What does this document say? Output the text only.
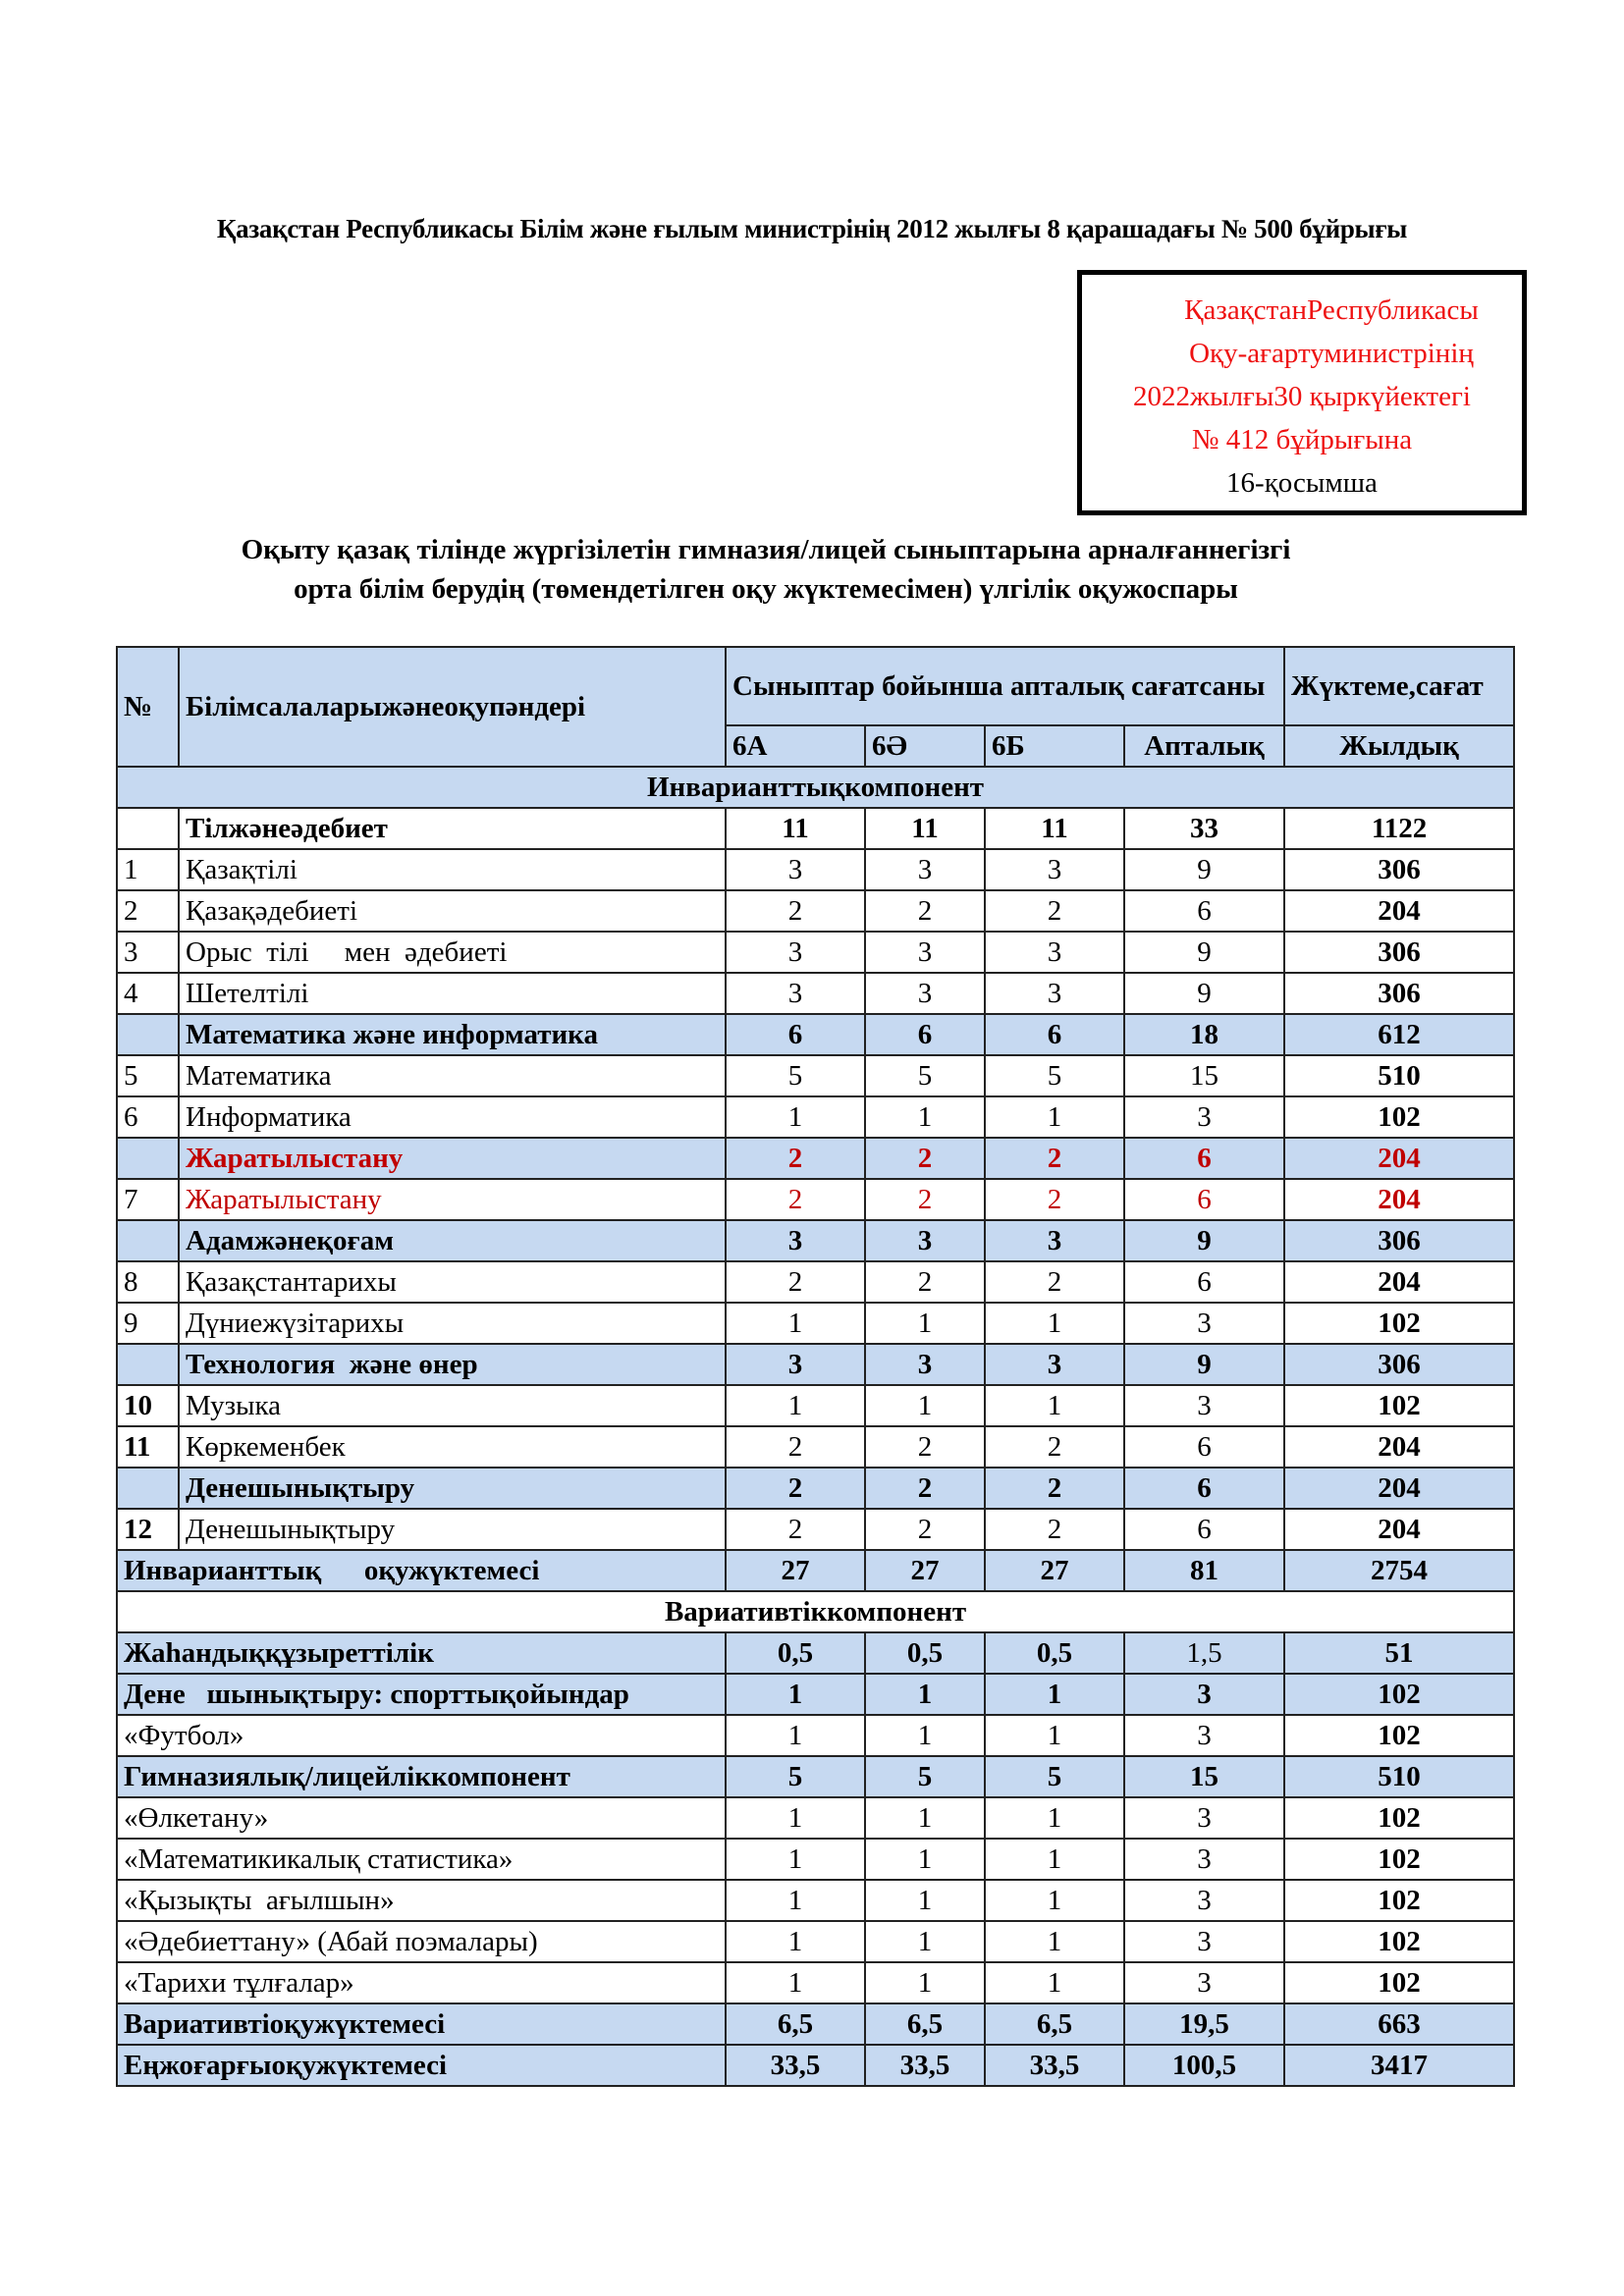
Қазақстан Республикасы Білім және ғылым министрінің 2012 жылғы 8 қарашадағы № 500 бұйрығы
ҚазақстанРеспубликасы
Оқу-ағартуминистрінің
2022жылғы30 қыркүйектегі
№ 412 бұйрығына
16-қосымша
Оқыту қазақ тілінде жүргізілетін гимназия/лицей сыныптарына арналғаннегізгі
орта білім берудің (төмендетілген оқу жүктемесімен) үлгілік оқужоспары
№	Білімсалаларыжәнеоқупәндері	Сыныптар бойынша апталық сағатсаны				Жүктеме,сағат
		6А	6Ә	6Б	Апталық	Жылдық
Инварианттықкомпонент						
	Тілжәнеәдебиет	11	11	11	33	1122
1	Қазақтілі	3	3	3	9	306
2	Қазақәдебиеті	2	2	2	6	204
3	Орыс  тілі     мен  әдебиеті	3	3	3	9	306
4	Шетелтілі	3	3	3	9	306
	Математика және информатика	6	6	6	18	612
5	Математика	5	5	5	15	510
6	Информатика	1	1	1	3	102
	Жаратылыстану	2	2	2	6	204
7	Жаратылыстану	2	2	2	6	204
	Адамжәнеқоғам	3	3	3	9	306
8	Қазақстантарихы	2	2	2	6	204
9	Дүниежүзітарихы	1	1	1	3	102
	Технология  және өнер	3	3	3	9	306
10	Музыка	1	1	1	3	102
11	Көркеменбек	2	2	2	6	204
	Денешынықтыру	2	2	2	6	204
12	Денешынықтыру	2	2	2	6	204
Инварианттық      оқужүктемесі		27	27	27	81	2754
Вариативтіккомпонент						
Жаһандыққұзыреттілік		0,5	0,5	0,5	1,5	51
Дене   шынықтыру: спорттықойындар		1	1	1	3	102
«Футбол»		1	1	1	3	102
Гимназиялық/лицейліккомпонент		5	5	5	15	510
«Өлкетану»		1	1	1	3	102
«Математикикалық статистика»		1	1	1	3	102
«Қызықты  ағылшын»		1	1	1	3	102
«Әдебиеттану» (Абай поэмалары)		1	1	1	3	102
«Тарихи тұлғалар»		1	1	1	3	102
Вариативтіоқужүктемесі		6,5	6,5	6,5	19,5	663
Еңжоғарғыоқужүктемесі		33,5	33,5	33,5	100,5	3417
